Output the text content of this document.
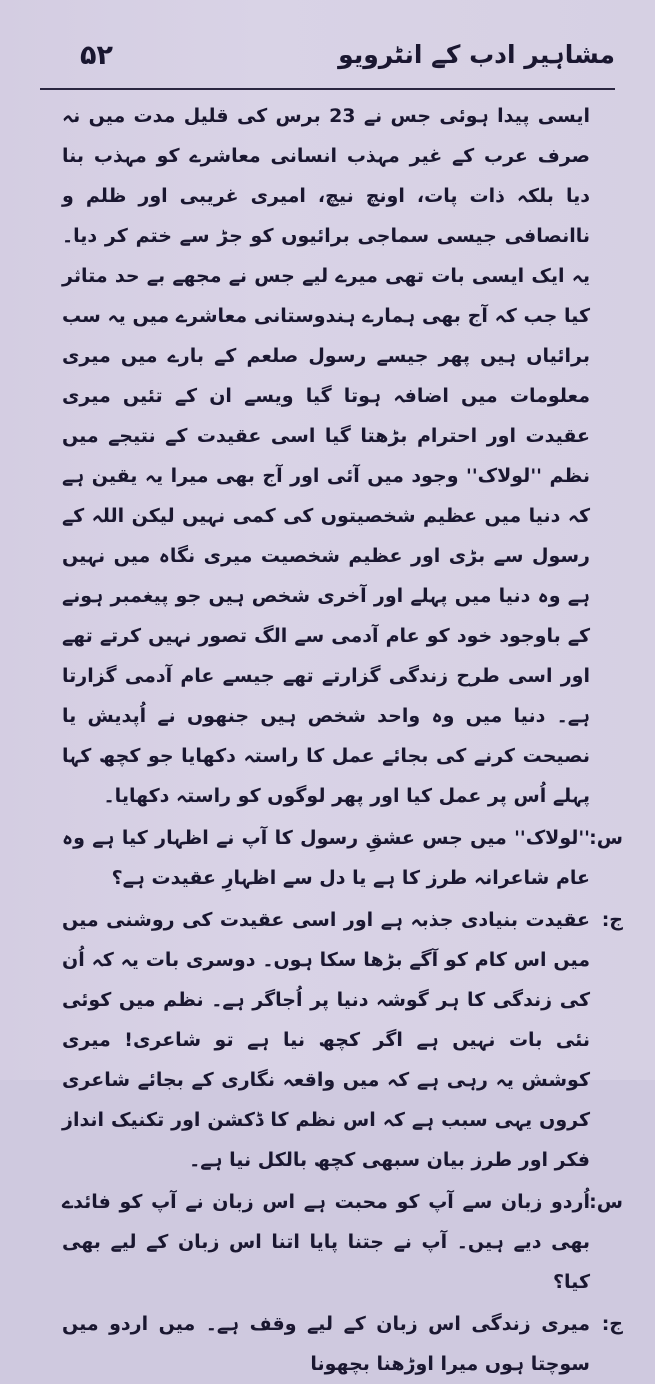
۵۲	مشاہیر ادب کے انٹرویو

ایسی پیدا ہوئی جس نے 23 برس کی قلیل مدت میں نہ صرف عرب کے غیر مہذب انسانی معاشرے کو مہذب بنا دیا بلکہ ذات پات، اونچ نیچ، امیری غریبی اور ظلم و ناانصافی جیسی سماجی برائیوں کو جڑ سے ختم کر دیا۔ یہ ایک ایسی بات تھی میرے لیے جس نے مجھے بے حد متاثر کیا جب کہ آج بھی ہمارے ہندوستانی معاشرے میں یہ سب برائیاں ہیں پھر جیسے رسول صلعم کے بارے میں میری معلومات میں اضافہ ہوتا گیا ویسے ان کے تئیں میری عقیدت اور احترام بڑھتا گیا اسی عقیدت کے نتیجے میں نظم ''لولاک'' وجود میں آئی اور آج بھی میرا یہ یقین ہے کہ دنیا میں عظیم شخصیتوں کی کمی نہیں لیکن اللہ کے رسول سے بڑی اور عظیم شخصیت میری نگاہ میں نہیں ہے وہ دنیا میں پہلے اور آخری شخص ہیں جو پیغمبر ہونے کے باوجود خود کو عام آدمی سے الگ تصور نہیں کرتے تھے اور اسی طرح زندگی گزارتے تھے جیسے عام آدمی گزارتا ہے۔ دنیا میں وہ واحد شخص ہیں جنھوں نے اُپدیش یا نصیحت کرنے کی بجائے عمل کا راستہ دکھایا جو کچھ کہا پہلے اُس پر عمل کیا اور پھر لوگوں کو راستہ دکھایا۔

س:
''لولاک'' میں جس عشقِ رسول کا آپ نے اظہار کیا ہے وہ عام شاعرانہ طرز کا ہے یا دل سے اظہارِ عقیدت ہے؟
ج:
عقیدت بنیادی جذبہ ہے اور اسی عقیدت کی روشنی میں میں اس کام کو آگے بڑھا سکا ہوں۔ دوسری بات یہ کہ اُن کی زندگی کا ہر گوشہ دنیا پر اُجاگر ہے۔ نظم میں کوئی نئی بات نہیں ہے اگر کچھ نیا ہے تو شاعری! میری کوشش یہ رہی ہے کہ میں واقعہ نگاری کے بجائے شاعری کروں یہی سبب ہے کہ اس نظم کا ڈکشن اور تکنیک انداز فکر اور طرز بیان سبھی کچھ بالکل نیا ہے۔
س:
اُردو زبان سے آپ کو محبت ہے اس زبان نے آپ کو فائدے بھی دیے ہیں۔ آپ نے جتنا پایا اتنا اس زبان کے لیے بھی کیا؟
ج:
میری زندگی اس زبان کے لیے وقف ہے۔ میں اردو میں سوچتا ہوں میرا اوڑھنا بچھونا
